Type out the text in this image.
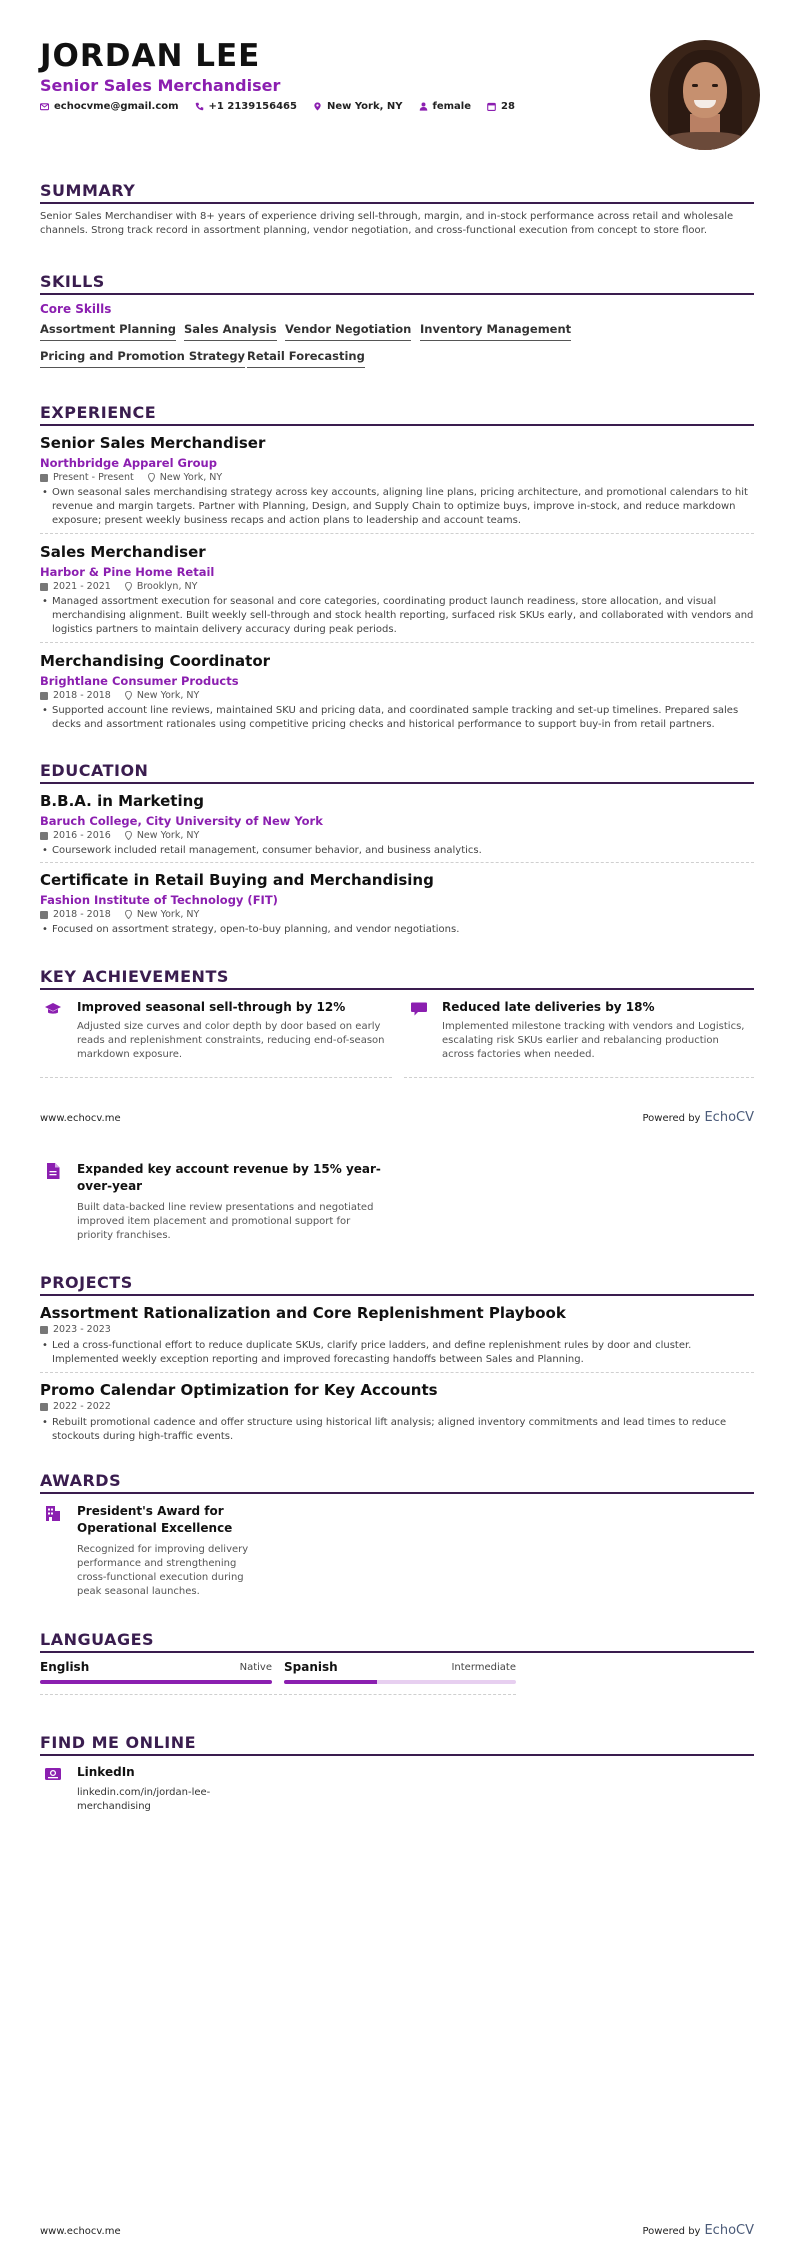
JORDAN LEE
Senior Sales Merchandiser
echocvme@gmail.com	+1 2139156465	New York, NY	female	28
SUMMARY
Senior Sales Merchandiser with 8+ years of experience driving sell-through, margin, and in-stock performance across retail and wholesale channels. Strong track record in assortment planning, vendor negotiation, and cross-functional execution from concept to store floor.
SKILLS
Core Skills
Assortment Planning Sales Analysis Vendor Negotiation Inventory Management
Pricing and Promotion Strategy Retail Forecasting
EXPERIENCE
Senior Sales Merchandiser
Northbridge Apparel Group
Present - Present	New York, NY
• Own seasonal sales merchandising strategy across key accounts, aligning line plans, pricing architecture, and promotional calendars to hit revenue and margin targets. Partner with Planning, Design, and Supply Chain to optimize buys, improve in-stock, and reduce markdown exposure; present weekly business recaps and action plans to leadership and account teams.
Sales Merchandiser
Harbor & Pine Home Retail
2021 - 2021	Brooklyn, NY
• Managed assortment execution for seasonal and core categories, coordinating product launch readiness, store allocation, and visual merchandising alignment. Built weekly sell-through and stock health reporting, surfaced risk SKUs early, and collaborated with vendors and logistics partners to maintain delivery accuracy during peak periods.
Merchandising Coordinator
Brightlane Consumer Products
2018 - 2018	New York, NY
• Supported account line reviews, maintained SKU and pricing data, and coordinated sample tracking and set-up timelines. Prepared sales decks and assortment rationales using competitive pricing checks and historical performance to support buy-in from retail partners.
EDUCATION
B.B.A. in Marketing
Baruch College, City University of New York
2016 - 2016	New York, NY
• Coursework included retail management, consumer behavior, and business analytics.
Certificate in Retail Buying and Merchandising
Fashion Institute of Technology (FIT)
2018 - 2018	New York, NY
• Focused on assortment strategy, open-to-buy planning, and vendor negotiations.
KEY ACHIEVEMENTS
Improved seasonal sell-through by 12%
Adjusted size curves and color depth by door based on early reads and replenishment constraints, reducing end-of-season markdown exposure.
Reduced late deliveries by 18%
Implemented milestone tracking with vendors and Logistics, escalating risk SKUs earlier and rebalancing production across factories when needed.
www.echocv.me	Powered by EchoCV
Expanded key account revenue by 15% year-over-year
Built data-backed line review presentations and negotiated improved item placement and promotional support for priority franchises.
PROJECTS
Assortment Rationalization and Core Replenishment Playbook
2023 - 2023
• Led a cross-functional effort to reduce duplicate SKUs, clarify price ladders, and define replenishment rules by door and cluster. Implemented weekly exception reporting and improved forecasting handoffs between Sales and Planning.
Promo Calendar Optimization for Key Accounts
2022 - 2022
• Rebuilt promotional cadence and offer structure using historical lift analysis; aligned inventory commitments and lead times to reduce stockouts during high-traffic events.
AWARDS
President's Award for Operational Excellence
Recognized for improving delivery performance and strengthening cross-functional execution during peak seasonal launches.
LANGUAGES
English	Native Spanish	Intermediate
FIND ME ONLINE
LinkedIn
linkedin.com/in/jordan-lee-merchandising
www.echocv.me	Powered by EchoCV
